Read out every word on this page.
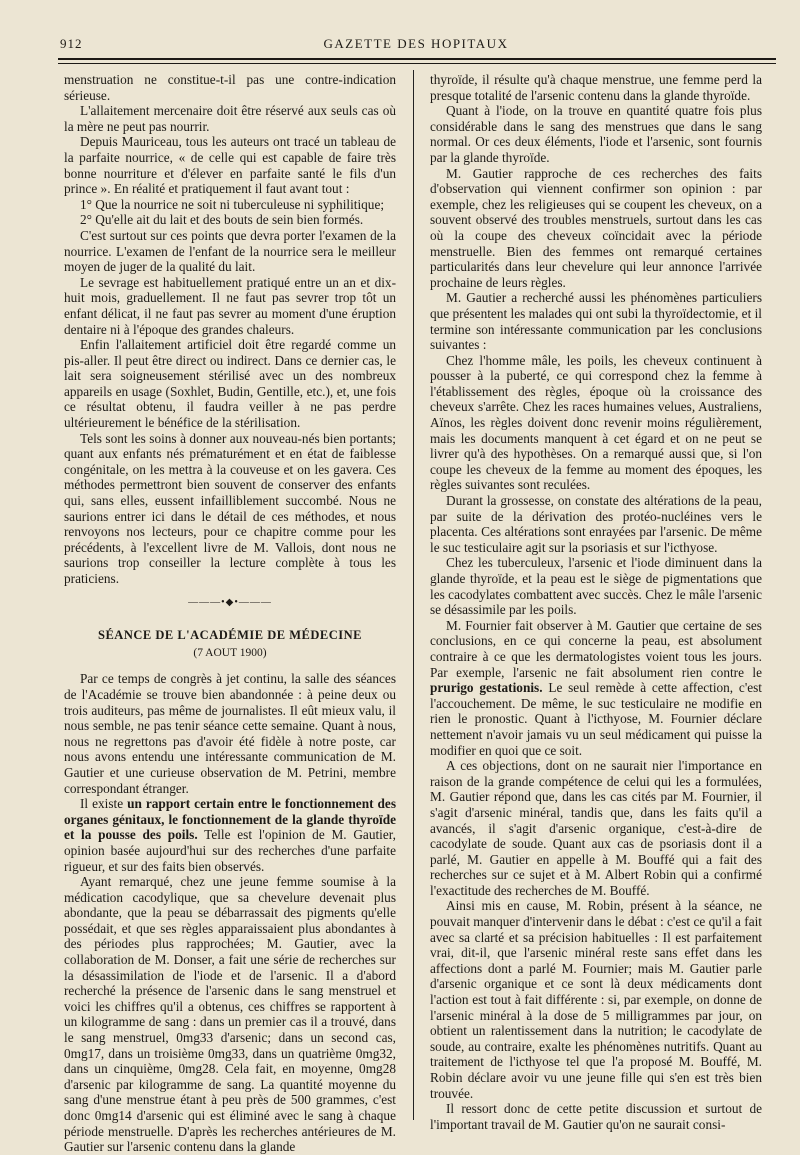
912	GAZETTE DES HOPITAUX

menstruation ne constitue-t-il pas une contre-indication sérieuse.

L'allaitement mercenaire doit être réservé aux seuls cas où la mère ne peut pas nourrir.

Depuis Mauriceau, tous les auteurs ont tracé un tableau de la parfaite nourrice, « de celle qui est capable de faire très bonne nourriture et d'élever en parfaite santé le fils d'un prince ». En réalité et pratiquement il faut avant tout :

1° Que la nourrice ne soit ni tuberculeuse ni syphilitique;

2° Qu'elle ait du lait et des bouts de sein bien formés.

C'est surtout sur ces points que devra porter l'examen de la nourrice. L'examen de l'enfant de la nourrice sera le meilleur moyen de juger de la qualité du lait.

Le sevrage est habituellement pratiqué entre un an et dix-huit mois, graduellement. Il ne faut pas sevrer trop tôt un enfant délicat, il ne faut pas sevrer au moment d'une éruption dentaire ni à l'époque des grandes chaleurs.

Enfin l'allaitement artificiel doit être regardé comme un pis-aller. Il peut être direct ou indirect. Dans ce dernier cas, le lait sera soigneusement stérilisé avec un des nombreux appareils en usage (Soxhlet, Budin, Gentille, etc.), et, une fois ce résultat obtenu, il faudra veiller à ne pas perdre ultérieurement le bénéfice de la stérilisation.

Tels sont les soins à donner aux nouveau-nés bien portants; quant aux enfants nés prématurément et en état de faiblesse congénitale, on les mettra à la couveuse et on les gavera. Ces méthodes permettront bien souvent de conserver des enfants qui, sans elles, eussent infailliblement succombé. Nous ne saurions entrer ici dans le détail de ces méthodes, et nous renvoyons nos lecteurs, pour ce chapitre comme pour les précédents, à l'excellent livre de M. Vallois, dont nous ne saurions trop conseiller la lecture complète à tous les praticiens.

———•◆•———
SÉANCE DE L'ACADÉMIE DE MÉDECINE
(7 AOUT 1900)

Par ce temps de congrès à jet continu, la salle des séances de l'Académie se trouve bien abandonnée : à peine deux ou trois auditeurs, pas même de journalistes. Il eût mieux valu, il nous semble, ne pas tenir séance cette semaine. Quant à nous, nous ne regrettons pas d'avoir été fidèle à notre poste, car nous avons entendu une intéressante communication de M. Gautier et une curieuse observation de M. Petrini, membre correspondant étranger.

Il existe un rapport certain entre le fonctionnement des organes génitaux, le fonctionnement de la glande thyroïde et la pousse des poils. Telle est l'opinion de M. Gautier, opinion basée aujourd'hui sur des recherches d'une parfaite rigueur, et sur des faits bien observés.

Ayant remarqué, chez une jeune femme soumise à la médication cacodylique, que sa chevelure devenait plus abondante, que la peau se débarrassait des pigments qu'elle possédait, et que ses règles apparaissaient plus abondantes à des périodes plus rapprochées; M. Gautier, avec la collaboration de M. Donser, a fait une série de recherches sur la désassimilation de l'iode et de l'arsenic. Il a d'abord recherché la présence de l'arsenic dans le sang menstruel et voici les chiffres qu'il a obtenus, ces chiffres se rapportent à un kilogramme de sang : dans un premier cas il a trouvé, dans le sang menstruel, 0mg33 d'arsenic; dans un second cas, 0mg17, dans un troisième 0mg33, dans un quatrième 0mg32, dans un cinquième, 0mg28. Cela fait, en moyenne, 0mg28 d'arsenic par kilogramme de sang. La quantité moyenne du sang d'une menstrue étant à peu près de 500 grammes, c'est donc 0mg14 d'arsenic qui est éliminé avec le sang à chaque période menstruelle. D'après les recherches antérieures de M. Gautier sur l'arsenic contenu dans la glande

thyroïde, il résulte qu'à chaque menstrue, une femme perd la presque totalité de l'arsenic contenu dans la glande thyroïde.

Quant à l'iode, on la trouve en quantité quatre fois plus considérable dans le sang des menstrues que dans le sang normal. Or ces deux éléments, l'iode et l'arsenic, sont fournis par la glande thyroïde.

M. Gautier rapproche de ces recherches des faits d'observation qui viennent confirmer son opinion : par exemple, chez les religieuses qui se coupent les cheveux, on a souvent observé des troubles menstruels, surtout dans les cas où la coupe des cheveux coïncidait avec la période menstruelle. Bien des femmes ont remarqué certaines particularités dans leur chevelure qui leur annonce l'arrivée prochaine de leurs règles.

M. Gautier a recherché aussi les phénomènes particuliers que présentent les malades qui ont subi la thyroïdectomie, et il termine son intéressante communication par les conclusions suivantes :

Chez l'homme mâle, les poils, les cheveux continuent à pousser à la puberté, ce qui correspond chez la femme à l'établissement des règles, époque où la croissance des cheveux s'arrête. Chez les races humaines velues, Australiens, Aïnos, les règles doivent donc revenir moins régulièrement, mais les documents manquent à cet égard et on ne peut se livrer qu'à des hypothèses. On a remarqué aussi que, si l'on coupe les cheveux de la femme au moment des époques, les règles suivantes sont reculées.

Durant la grossesse, on constate des altérations de la peau, par suite de la dérivation des protéo-nucléines vers le placenta. Ces altérations sont enrayées par l'arsenic. De même le suc testiculaire agit sur la psoriasis et sur l'icthyose.

Chez les tuberculeux, l'arsenic et l'iode diminuent dans la glande thyroïde, et la peau est le siège de pigmentations que les cacodylates combattent avec succès. Chez le mâle l'arsenic se désassimile par les poils.

M. Fournier fait observer à M. Gautier que certaine de ses conclusions, en ce qui concerne la peau, est absolument contraire à ce que les dermatologistes voient tous les jours. Par exemple, l'arsenic ne fait absolument rien contre le prurigo gestationis. Le seul remède à cette affection, c'est l'accouchement. De même, le suc testiculaire ne modifie en rien le pronostic. Quant à l'icthyose, M. Fournier déclare nettement n'avoir jamais vu un seul médicament qui puisse la modifier en quoi que ce soit.

A ces objections, dont on ne saurait nier l'importance en raison de la grande compétence de celui qui les a formulées, M. Gautier répond que, dans les cas cités par M. Fournier, il s'agit d'arsenic minéral, tandis que, dans les faits qu'il a avancés, il s'agit d'arsenic organique, c'est-à-dire de cacodylate de soude. Quant aux cas de psoriasis dont il a parlé, M. Gautier en appelle à M. Bouffé qui a fait des recherches sur ce sujet et à M. Albert Robin qui a confirmé l'exactitude des recherches de M. Bouffé.

Ainsi mis en cause, M. Robin, présent à la séance, ne pouvait manquer d'intervenir dans le débat : c'est ce qu'il a fait avec sa clarté et sa précision habituelles : Il est parfaitement vrai, dit-il, que l'arsenic minéral reste sans effet dans les affections dont a parlé M. Fournier; mais M. Gautier parle d'arsenic organique et ce sont là deux médicaments dont l'action est tout à fait différente : si, par exemple, on donne de l'arsenic minéral à la dose de 5 milligrammes par jour, on obtient un ralentissement dans la nutrition; le cacodylate de soude, au contraire, exalte les phénomènes nutritifs. Quant au traitement de l'icthyose tel que l'a proposé M. Bouffé, M. Robin déclare avoir vu une jeune fille qui s'en est très bien trouvée.

Il ressort donc de cette petite discussion et surtout de l'important travail de M. Gautier qu'on ne saurait consi-
